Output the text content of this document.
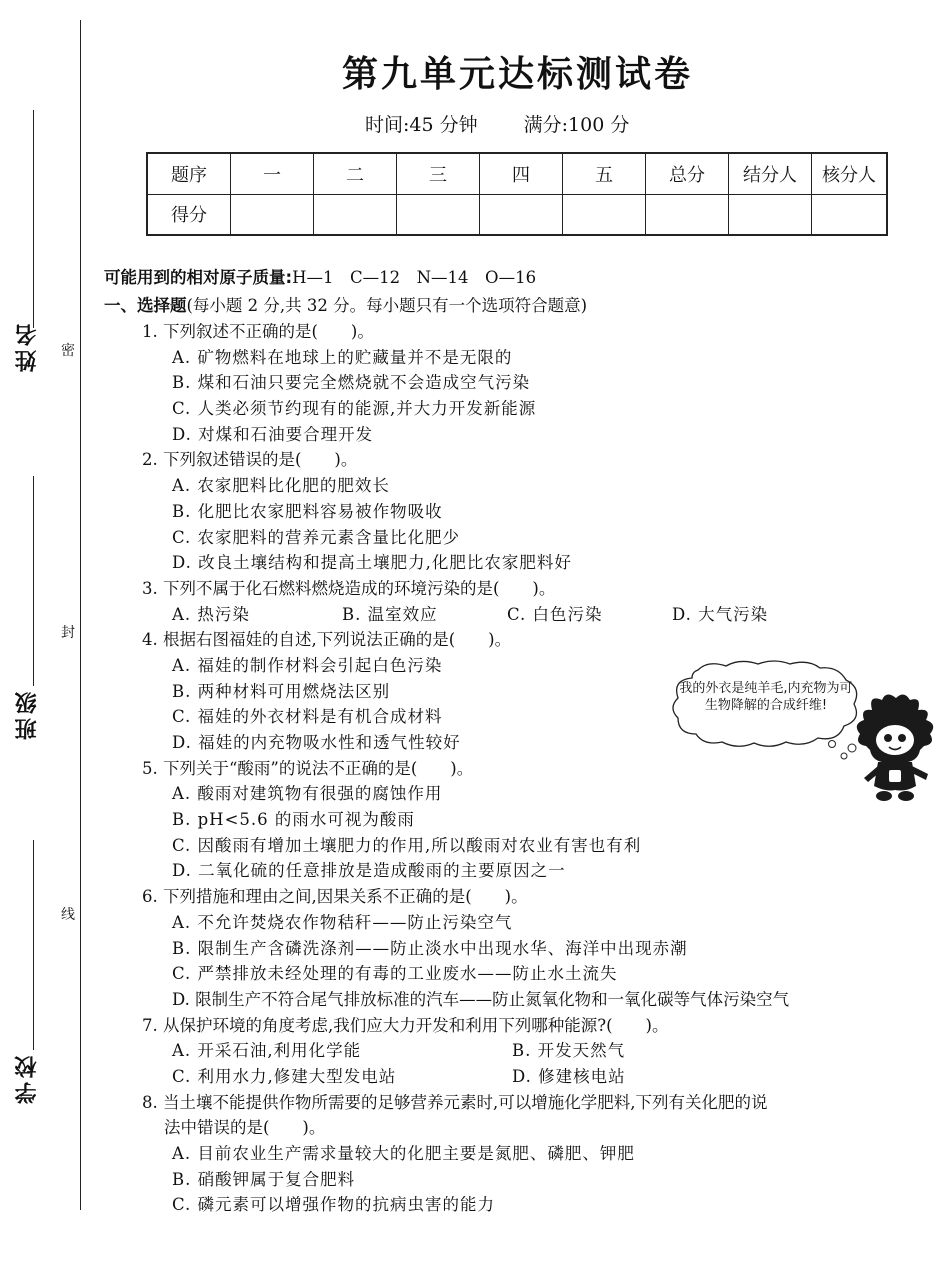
密
封
线
姓名
班级
学校
第九单元达标测试卷
时间:45 分钟 满分:100 分
题序	一	二	三	四	五	总分	结分人	核分人
得分								
可能用到的相对原子质量:H—1　C—12　N—14　O—16
一、选择题(每小题 2 分,共 32 分。每小题只有一个选项符合题意)
1. 下列叙述不正确的是(　　)。
A. 矿物燃料在地球上的贮藏量并不是无限的
B. 煤和石油只要完全燃烧就不会造成空气污染
C. 人类必须节约现有的能源,并大力开发新能源
D. 对煤和石油要合理开发
2. 下列叙述错误的是(　　)。
A. 农家肥料比化肥的肥效长
B. 化肥比农家肥料容易被作物吸收
C. 农家肥料的营养元素含量比化肥少
D. 改良土壤结构和提高土壤肥力,化肥比农家肥料好
3. 下列不属于化石燃料燃烧造成的环境污染的是(　　)。
A. 热污染	B. 温室效应	C. 白色污染	D. 大气污染
4. 根据右图福娃的自述,下列说法正确的是(　　)。
A. 福娃的制作材料会引起白色污染
B. 两种材料可用燃烧法区别
C. 福娃的外衣材料是有机合成材料
D. 福娃的内充物吸水性和透气性较好
5. 下列关于“酸雨”的说法不正确的是(　　)。
A. 酸雨对建筑物有很强的腐蚀作用
B. pH<5.6 的雨水可视为酸雨
C. 因酸雨有增加土壤肥力的作用,所以酸雨对农业有害也有利
D. 二氧化硫的任意排放是造成酸雨的主要原因之一
6. 下列措施和理由之间,因果关系不正确的是(　　)。
A. 不允许焚烧农作物秸秆——防止污染空气
B. 限制生产含磷洗涤剂——防止淡水中出现水华、海洋中出现赤潮
C. 严禁排放未经处理的有毒的工业废水——防止水土流失
D. 限制生产不符合尾气排放标准的汽车——防止氮氧化物和一氧化碳等气体污染空气
7. 从保护环境的角度考虑,我们应大力开发和利用下列哪种能源?(　　)。
A. 开采石油,利用化学能	B. 开发天然气
C. 利用水力,修建大型发电站	D. 修建核电站
8. 当土壤不能提供作物所需要的足够营养元素时,可以增施化学肥料,下列有关化肥的说
法中错误的是(　　)。
A. 目前农业生产需求量较大的化肥主要是氮肥、磷肥、钾肥
B. 硝酸钾属于复合肥料
C. 磷元素可以增强作物的抗病虫害的能力
我的外衣是纯羊毛,内充物为可生物降解的合成纤维!
